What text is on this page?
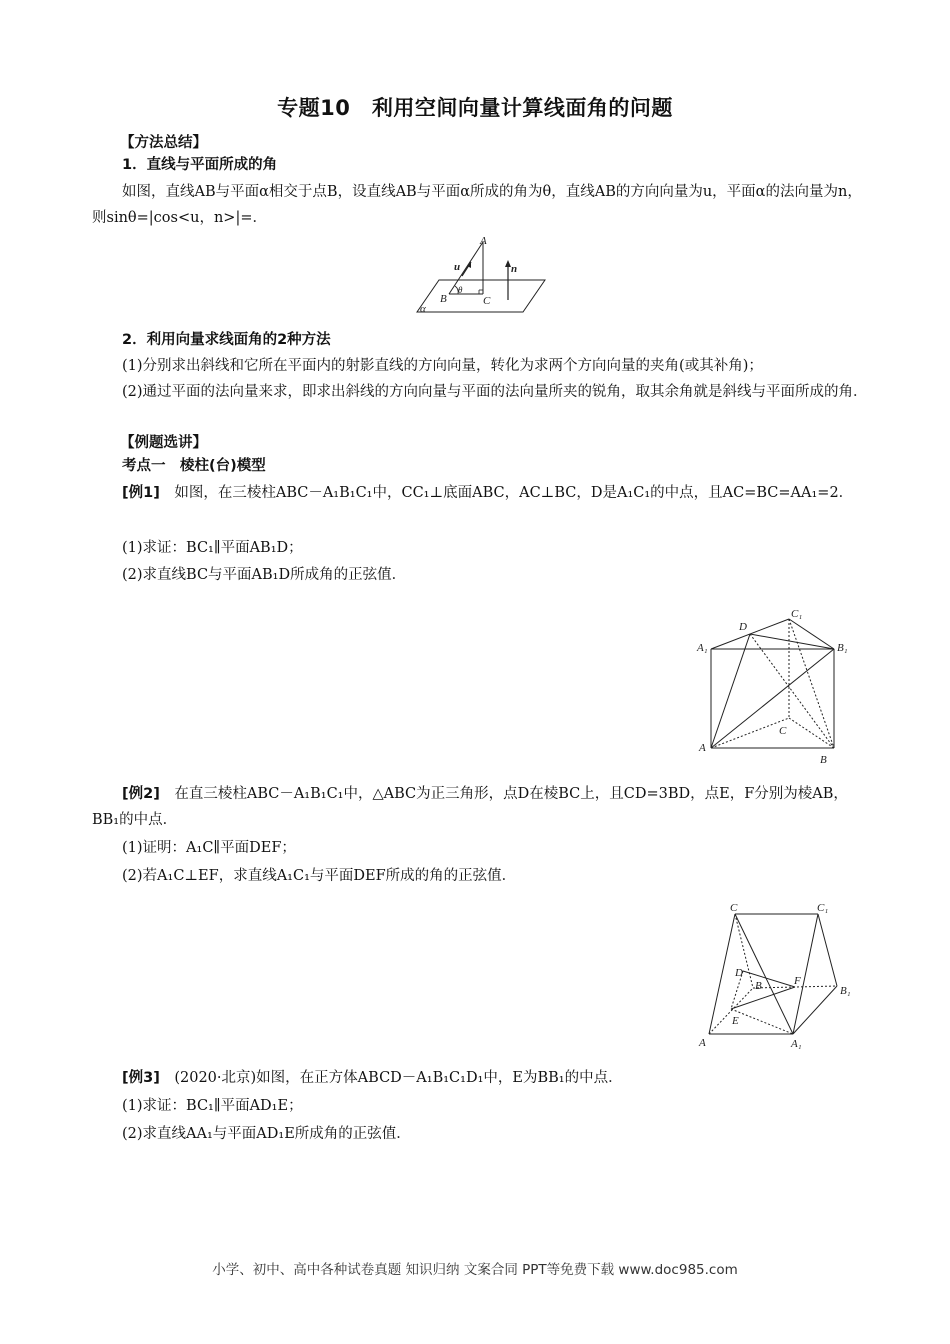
专题10　利用空间向量计算线面角的问题
【方法总结】
1．直线与平面所成的角
如图，直线AB与平面α相交于点B，设直线AB与平面α所成的角为θ，直线AB的方向向量为u，平面α的法向量为n，则sinθ=|cos<u，n>|=．
A
B	C
u	n
θ
α
2．利用向量求线面角的2种方法
(1)分别求出斜线和它所在平面内的射影直线的方向向量，转化为求两个方向向量的夹角(或其补角)；
(2)通过平面的法向量来求，即求出斜线的方向向量与平面的法向量所夹的锐角，取其余角就是斜线与平面所成的角．
【例题选讲】
考点一　棱柱(台)模型
[例1]　 如图，在三棱柱ABC－A₁B₁C₁中，CC₁⊥底面ABC，AC⊥BC，D是A₁C₁的中点，且AC=BC=AA₁=2．
(1)求证：BC₁∥平面AB₁D；
(2)求直线BC与平面AB₁D所成角的正弦值．
A₁	B₁
C₁
D
A
B
C
[例2]　 在直三棱柱ABC－A₁B₁C₁中，△ABC为正三角形，点D在棱BC上，且CD=3BD，点E，F分别为棱AB，BB₁的中点．
(1)证明：A₁C∥平面DEF；
(2)若A₁C⊥EF，求直线A₁C₁与平面DEF所成的角的正弦值．
C	C₁
D
B	F
B₁
E
A	A₁
[例3]　 (2020·北京)如图，在正方体ABCD－A₁B₁C₁D₁中，E为BB₁的中点．
(1)求证：BC₁∥平面AD₁E；
(2)求直线AA₁与平面AD₁E所成角的正弦值．
小学、初中、高中各种试卷真题 知识归纳 文案合同 PPT等免费下载 www.doc985.com
